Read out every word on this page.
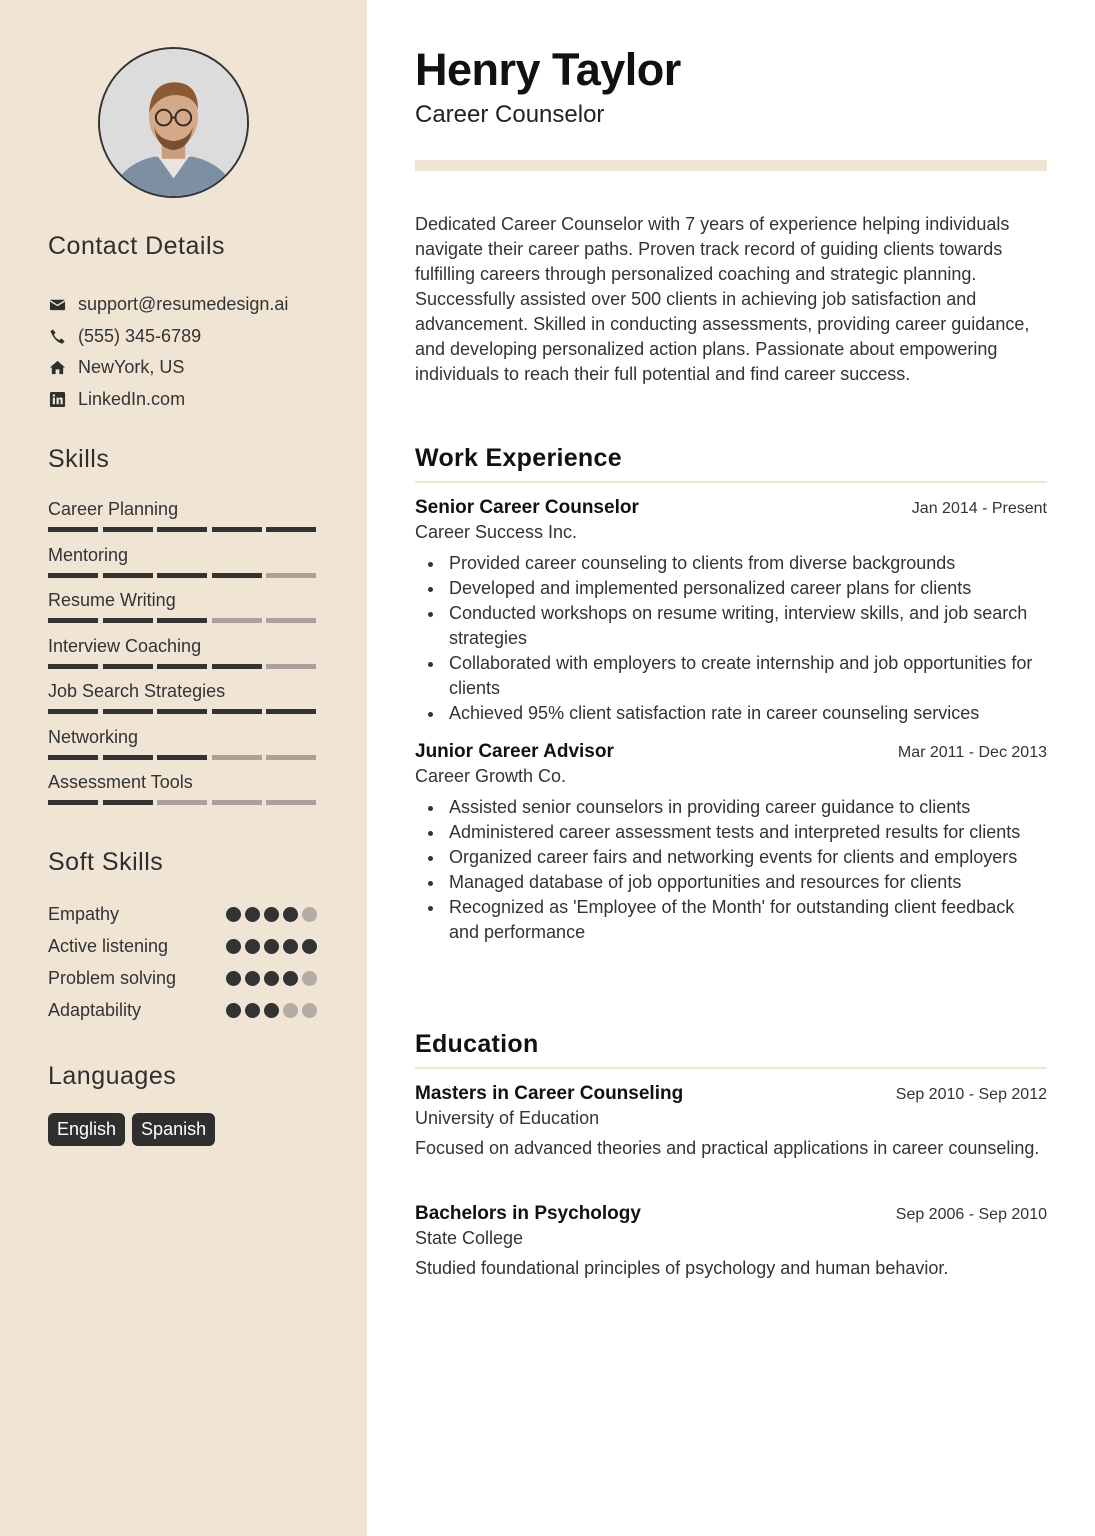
Contact Details
support@resumedesign.ai
(555) 345-6789
NewYork, US
LinkedIn.com
Skills
Career Planning
Mentoring
Resume Writing
Interview Coaching
Job Search Strategies
Networking
Assessment Tools
Soft Skills
Empathy
Active listening
Problem solving
Adaptability
Languages
English	Spanish
Henry Taylor
Career Counselor

Dedicated Career Counselor with 7 years of experience helping individuals navigate their career paths. Proven track record of guiding clients towards fulfilling careers through personalized coaching and strategic planning. Successfully assisted over 500 clients in achieving job satisfaction and advancement. Skilled in conducting assessments, providing career guidance, and developing personalized action plans. Passionate about empowering individuals to reach their full potential and find career success.

Work Experience
Senior Career Counselor	Jan 2014 - Present
Career Success Inc.
Provided career counseling to clients from diverse backgrounds
Developed and implemented personalized career plans for clients
Conducted workshops on resume writing, interview skills, and job search strategies
Collaborated with employers to create internship and job opportunities for clients
Achieved 95% client satisfaction rate in career counseling services
Junior Career Advisor	Mar 2011 - Dec 2013
Career Growth Co.
Assisted senior counselors in providing career guidance to clients
Administered career assessment tests and interpreted results for clients
Organized career fairs and networking events for clients and employers
Managed database of job opportunities and resources for clients
Recognized as 'Employee of the Month' for outstanding client feedback and performance
Education
Masters in Career Counseling	Sep 2010 - Sep 2012
University of Education

Focused on advanced theories and practical applications in career counseling.

Bachelors in Psychology	Sep 2006 - Sep 2010
State College

Studied foundational principles of psychology and human behavior.
